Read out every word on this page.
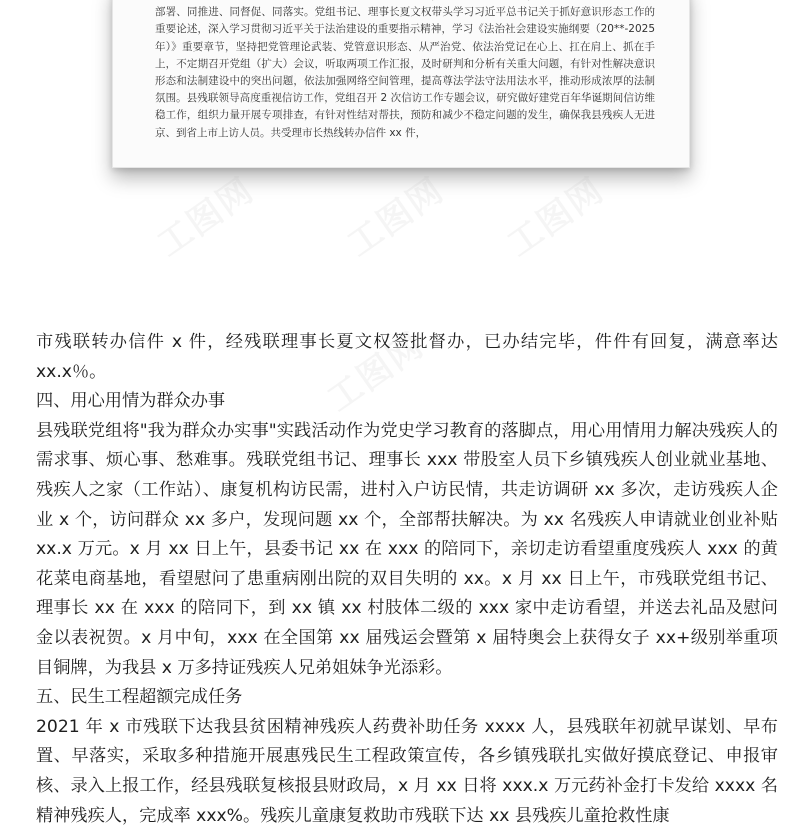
部署、同推进、同督促、同落实。党组书记、理事长夏文权带头学习习近平总书记关于抓好意识形态工作的重要论述，深入学习贯彻习近平关于法治建设的重要指示精神，学习《法治社会建设实施纲要（20**-2025 年）》重要章节，坚持把党管理论武装、党管意识形态、从严治党、依法治党记在心上、扛在肩上、抓在手上，不定期召开党组（扩大）会议，听取两项工作汇报，及时研判和分析有关重大问题，有针对性解决意识形态和法制建设中的突出问题，依法加强网络空间管理，提高尊法学法守法用法水平，推动形成浓厚的法制氛围。县残联领导高度重视信访工作，党组召开 2 次信访工作专题会议，研究做好建党百年华诞期间信访维稳工作，组织力量开展专项排查，有针对性结对帮扶，预防和减少不稳定问题的发生，确保我县残疾人无进京、到省上市上访人员。共受理市长热线转办信件 xx 件，

工图网 工图网 工图网
工图网

市残联转办信件 x 件，经残联理事长夏文权签批督办，已办结完毕，件件有回复，满意率达 xx.x％。

四、用心用情为群众办事

县残联党组将"我为群众办实事"实践活动作为党史学习教育的落脚点，用心用情用力解决残疾人的需求事、烦心事、愁难事。残联党组书记、理事长 xxx 带股室人员下乡镇残疾人创业就业基地、残疾人之家（工作站）、康复机构访民需，进村入户访民情，共走访调研 xx 多次，走访残疾人企业 x 个，访问群众 xx 多户，发现问题 xx 个，全部帮扶解决。为 xx 名残疾人申请就业创业补贴 xx.x 万元。x 月 xx 日上午，县委书记 xx 在 xxx 的陪同下，亲切走访看望重度残疾人 xxx 的黄花菜电商基地，看望慰问了患重病刚出院的双目失明的 xx。x 月 xx 日上午，市残联党组书记、理事长 xx 在 xxx 的陪同下，到 xx 镇 xx 村肢体二级的 xxx 家中走访看望，并送去礼品及慰问金以表祝贺。x 月中旬，xxx 在全国第 xx 届残运会暨第 x 届特奥会上获得女子 xx+级别举重项目铜牌，为我县 x 万多持证残疾人兄弟姐妹争光添彩。

五、民生工程超额完成任务

2021 年 x 市残联下达我县贫困精神残疾人药费补助任务 xxxx 人，县残联年初就早谋划、早布置、早落实，采取多种措施开展惠残民生工程政策宣传，各乡镇残联扎实做好摸底登记、申报审核、录入上报工作，经县残联复核报县财政局，x 月 xx 日将 xxx.x 万元药补金打卡发给 xxxx 名精神残疾人，完成率 xxx%。残疾儿童康复救助市残联下达 xx 县残疾儿童抢救性康
